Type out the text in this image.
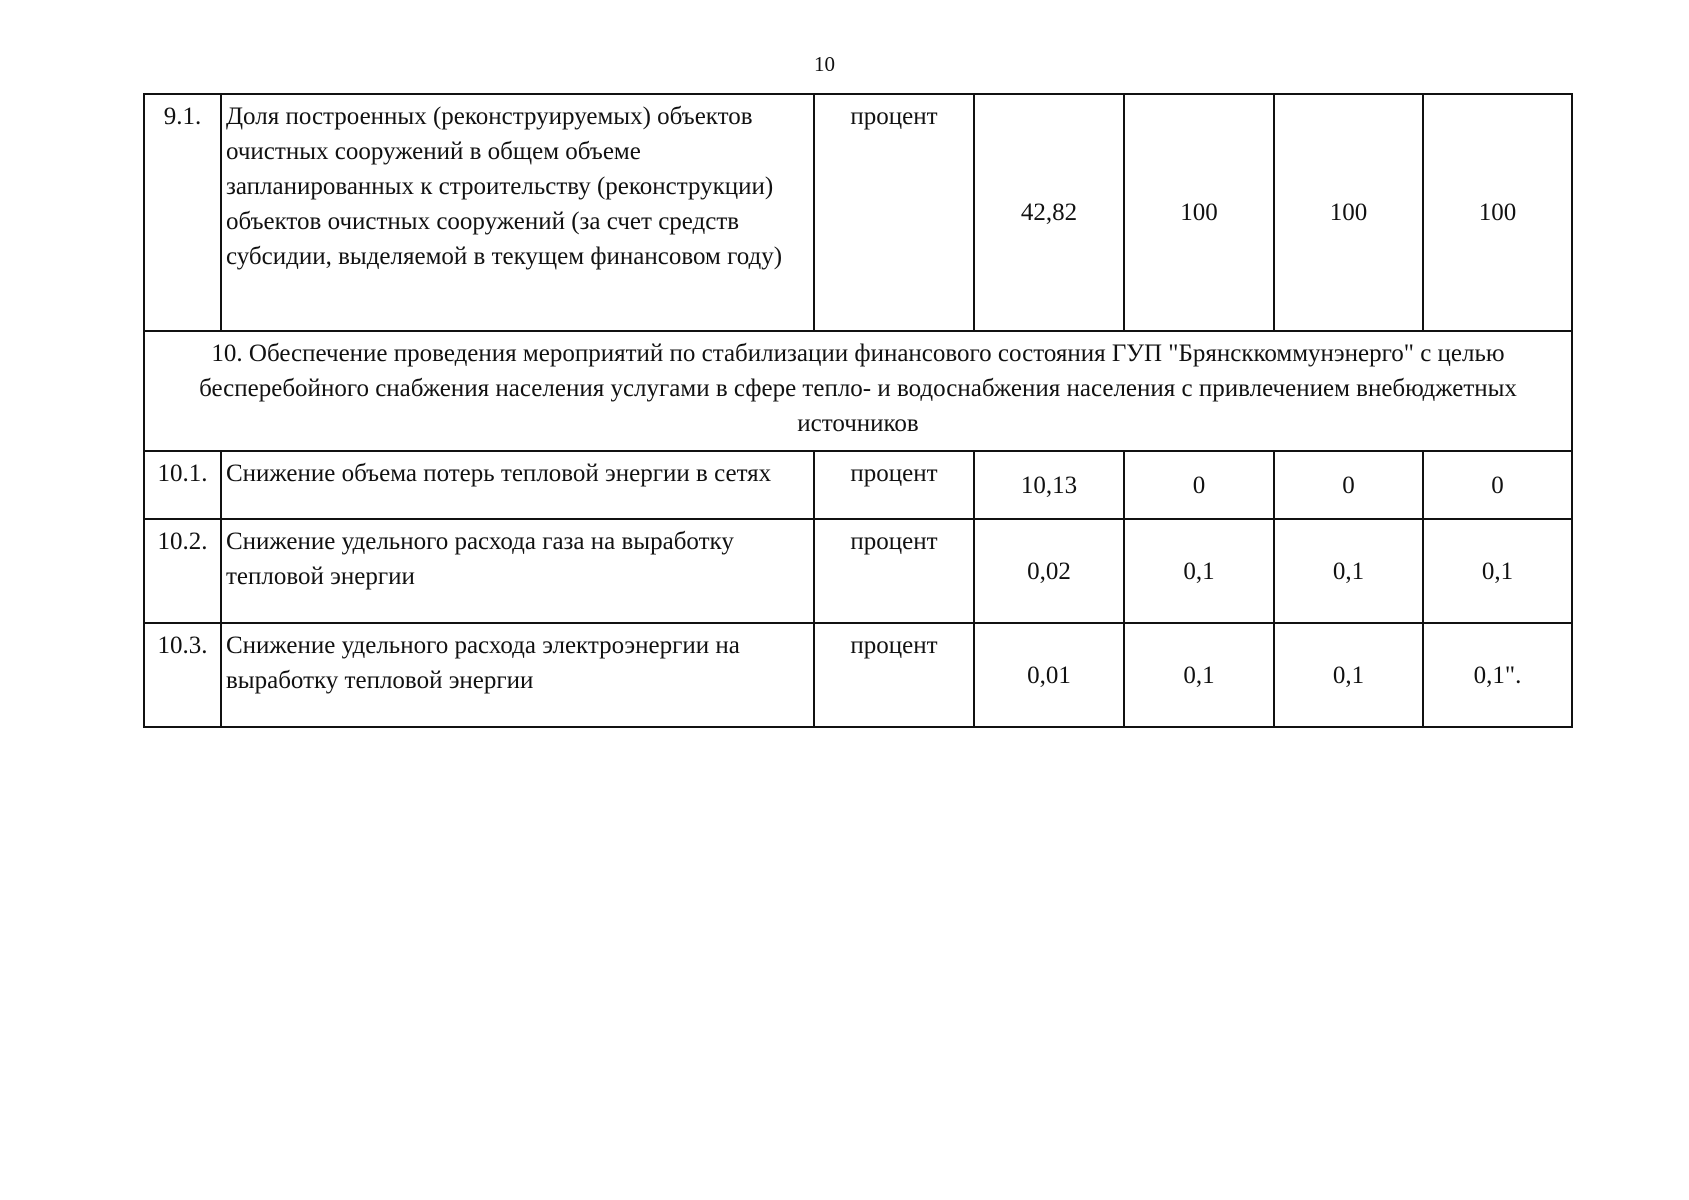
10
9.1.	Доля построенных (реконструируемых) объектов очистных сооружений в общем объеме запланированных к строительству (реконструкции) объектов очистных сооружений (за счет средств субсидии, выделяемой в текущем финансовом году)	процент	42,82	100	100	100
10. Обеспечение проведения мероприятий по стабилизации финансового состояния ГУП "Брянсккоммунэнерго" с целью бесперебойного снабжения населения услугами в сфере тепло- и водоснабжения населения с привлечением внебюджетных источников						
10.1.	Снижение объема потерь тепловой энергии в сетях	процент	10,13	0	0	0
10.2.	Снижение удельного расхода газа на выработку тепловой энергии	процент	0,02	0,1	0,1	0,1
10.3.	Снижение удельного расхода электроэнергии на выработку тепловой энергии	процент	0,01	0,1	0,1	0,1".
